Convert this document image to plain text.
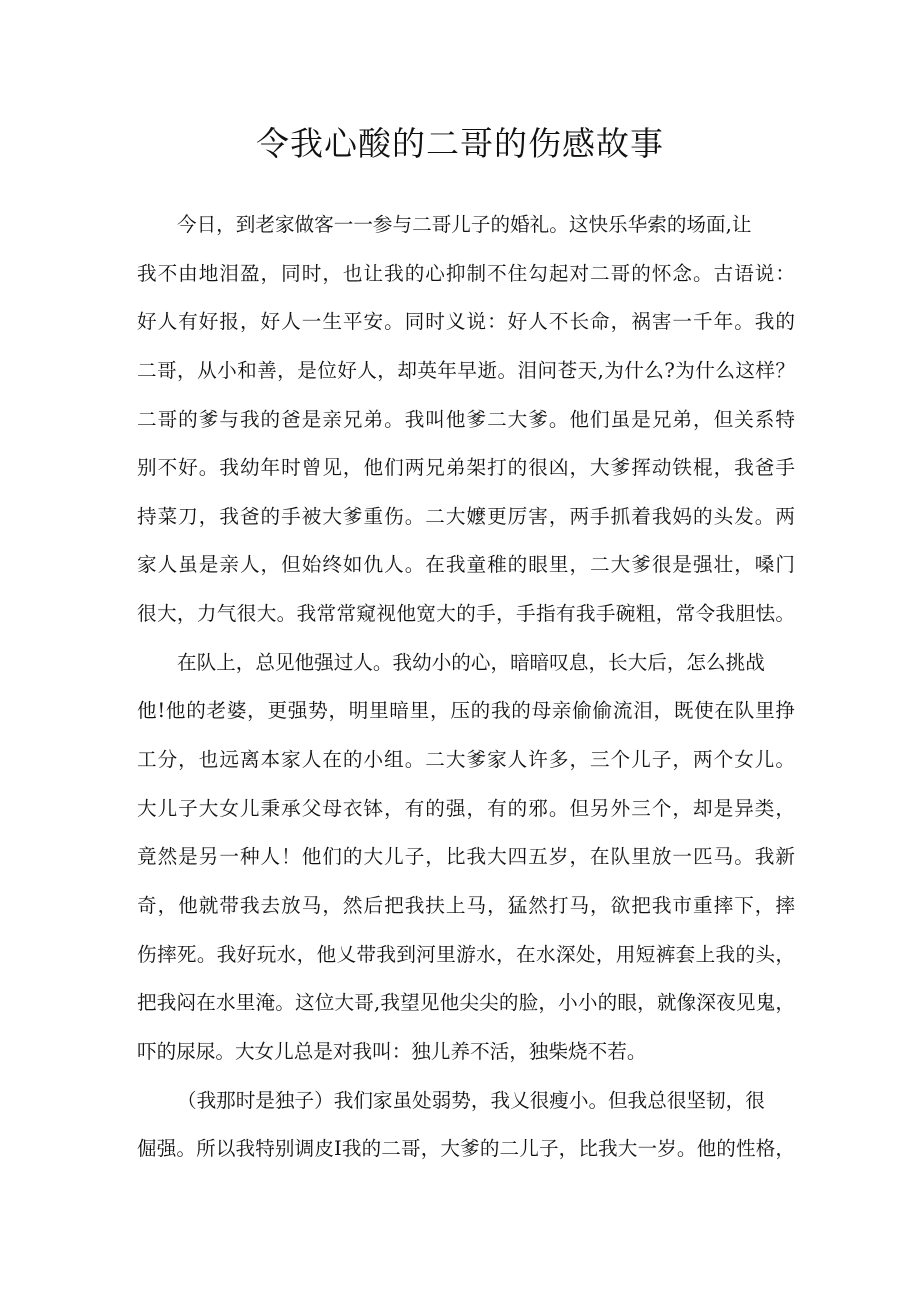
令我心酸的二哥的伤感故事
今日，到老家做客一一参与二哥儿子的婚礼。这快乐华索的场面,让
我不由地泪盈，同时，也让我的心抑制不住勾起对二哥的怀念。古语说：
好人有好报，好人一生平安。同时义说：好人不长命，祸害一千年。我的
二哥，从小和善，是位好人，却英年早逝。泪问苍天,为什么?为什么这样？
二哥的爹与我的爸是亲兄弟。我叫他爹二大爹。他们虽是兄弟，但关系特
别不好。我幼年时曾见，他们两兄弟架打的很凶，大爹挥动铁棍，我爸手
持菜刀，我爸的手被大爹重伤。二大嬤更厉害，两手抓着我妈的头发。两
家人虽是亲人，但始终如仇人。在我童稚的眼里，二大爹很是强壮，嗓门
很大，力气很大。我常常窥视他宽大的手，手指有我手碗粗，常令我胆怯。
在队上，总见他强过人。我幼小的心，暗暗叹息，长大后，怎么挑战
他!他的老婆，更强势，明里暗里，压的我的母亲偷偷流泪，既使在队里挣
工分，也远离本家人在的小组。二大爹家人许多，三个儿子，两个女儿。
大儿子大女儿秉承父母衣钵，有的强，有的邪。但另外三个，却是异类，
竟然是另一种人！他们的大儿子，比我大四五岁，在队里放一匹马。我新
奇，他就带我去放马，然后把我扶上马，猛然打马，欲把我市重摔下，摔
伤摔死。我好玩水，他乂带我到河里游水，在水深处，用短裤套上我的头，
把我闷在水里淹。这位大哥,我望见他尖尖的脸，小小的眼，就像深夜见鬼，
吓的尿尿。大女儿总是对我叫：独儿养不活，独柴烧不若。
（我那时是独子）我们家虽处弱势，我乂很瘦小。但我总很坚韧，很
倔强。所以我特别调皮I我的二哥，大爹的二儿子，比我大一岁。他的性格，
